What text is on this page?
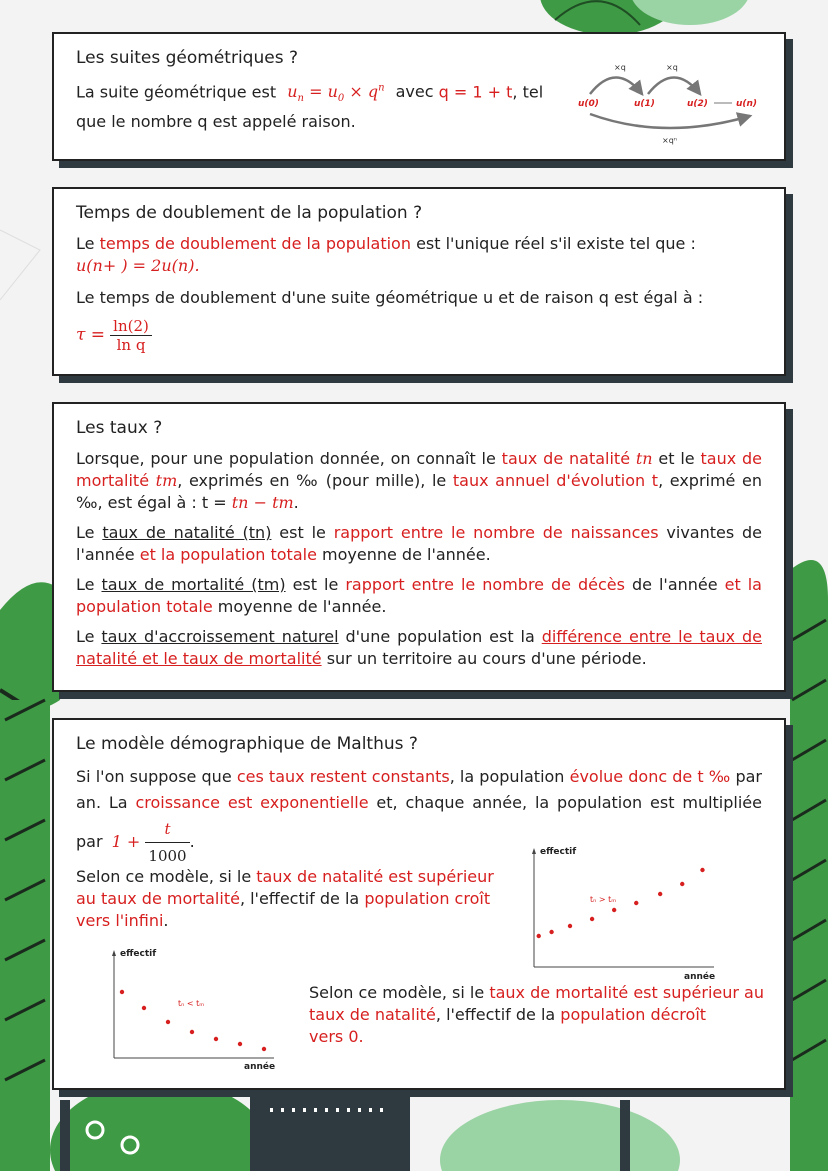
Les suites géométriques ?

La suite géométrique est $u_n = u_0 \times q^n$ avec q = 1 + t, tel que le nombre q est appelé raison.

×q	×q
u(0)	u(1)	u(2)	u(n)
×qⁿ
Temps de doublement de la population ?

Le temps de doublement de la population est l'unique réel s'il existe tel que :
u(n+ ) = 2u(n).

Le temps de doublement d'une suite géométrique u et de raison q est égal à :

$\tau = \frac{\ln(2)}{\text{ln q}}$
Les taux ?

Lorsque, pour une population donnée, on connaît le taux de natalité tn et le taux de mortalité tm, exprimés en ‰ (pour mille), le taux annuel d'évolution t, exprimé en ‰, est égal à : t = tn − tm.

Le taux de natalité (tn) est le rapport entre le nombre de naissances vivantes de l'année et la population totale moyenne de l'année.

Le taux de mortalité (tm) est le rapport entre le nombre de décès de l'année et la population totale moyenne de l'année.

Le taux d'accroissement naturel d'une population est la différence entre le taux de natalité et le taux de mortalité sur un territoire au cours d'une période.

Le modèle démographique de Malthus ?

Si l'on suppose que ces taux restent constants, la population évolue donc de t ‰ par an. La croissance est exponentielle et, chaque année, la population est multipliée par $1 + \frac{t}{1000}$ .

Selon ce modèle, si le taux de natalité est supérieur au taux de mortalité, l'effectif de la population croît vers l'infini.

effectif
année
tₙ > tₘ
effectif
année
tₙ < tₘ

Selon ce modèle, si le taux de mortalité est supérieur au taux de natalité, l'effectif de la population décroît
vers 0.
